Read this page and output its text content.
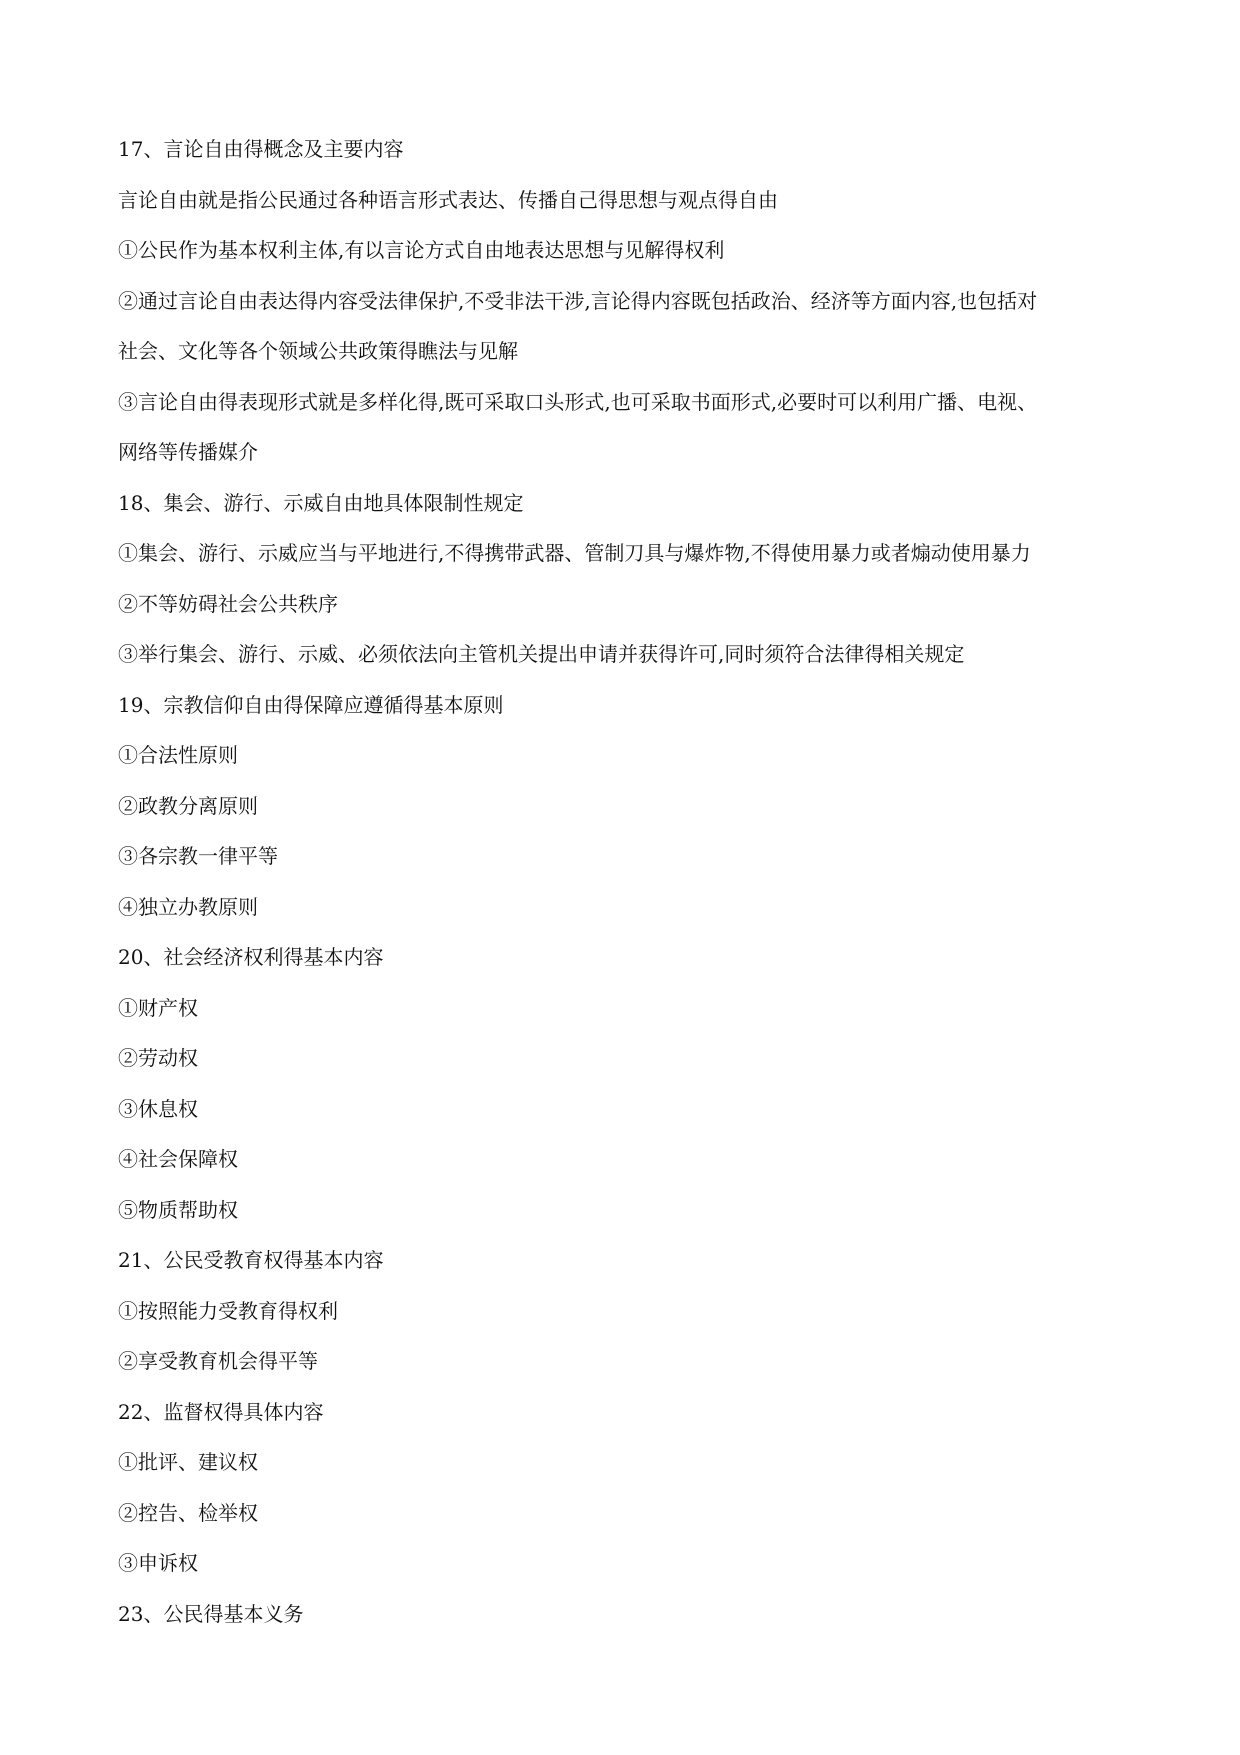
17、言论自由得概念及主要内容
言论自由就是指公民通过各种语言形式表达、传播自己得思想与观点得自由
①公民作为基本权利主体,有以言论方式自由地表达思想与见解得权利
②通过言论自由表达得内容受法律保护,不受非法干涉,言论得内容既包括政治、经济等方面内容,也包括对
社会、文化等各个领域公共政策得瞧法与见解
③言论自由得表现形式就是多样化得,既可采取口头形式,也可采取书面形式,必要时可以利用广播、电视、
网络等传播媒介
18、集会、游行、示威自由地具体限制性规定
①集会、游行、示威应当与平地进行,不得携带武器、管制刀具与爆炸物,不得使用暴力或者煽动使用暴力
②不等妨碍社会公共秩序
③举行集会、游行、示威、必须依法向主管机关提出申请并获得许可,同时须符合法律得相关规定
19、宗教信仰自由得保障应遵循得基本原则
①合法性原则
②政教分离原则
③各宗教一律平等
④独立办教原则
20、社会经济权利得基本内容
①财产权
②劳动权
③休息权
④社会保障权
⑤物质帮助权
21、公民受教育权得基本内容
①按照能力受教育得权利
②享受教育机会得平等
22、监督权得具体内容
①批评、建议权
②控告、检举权
③申诉权
23、公民得基本义务
